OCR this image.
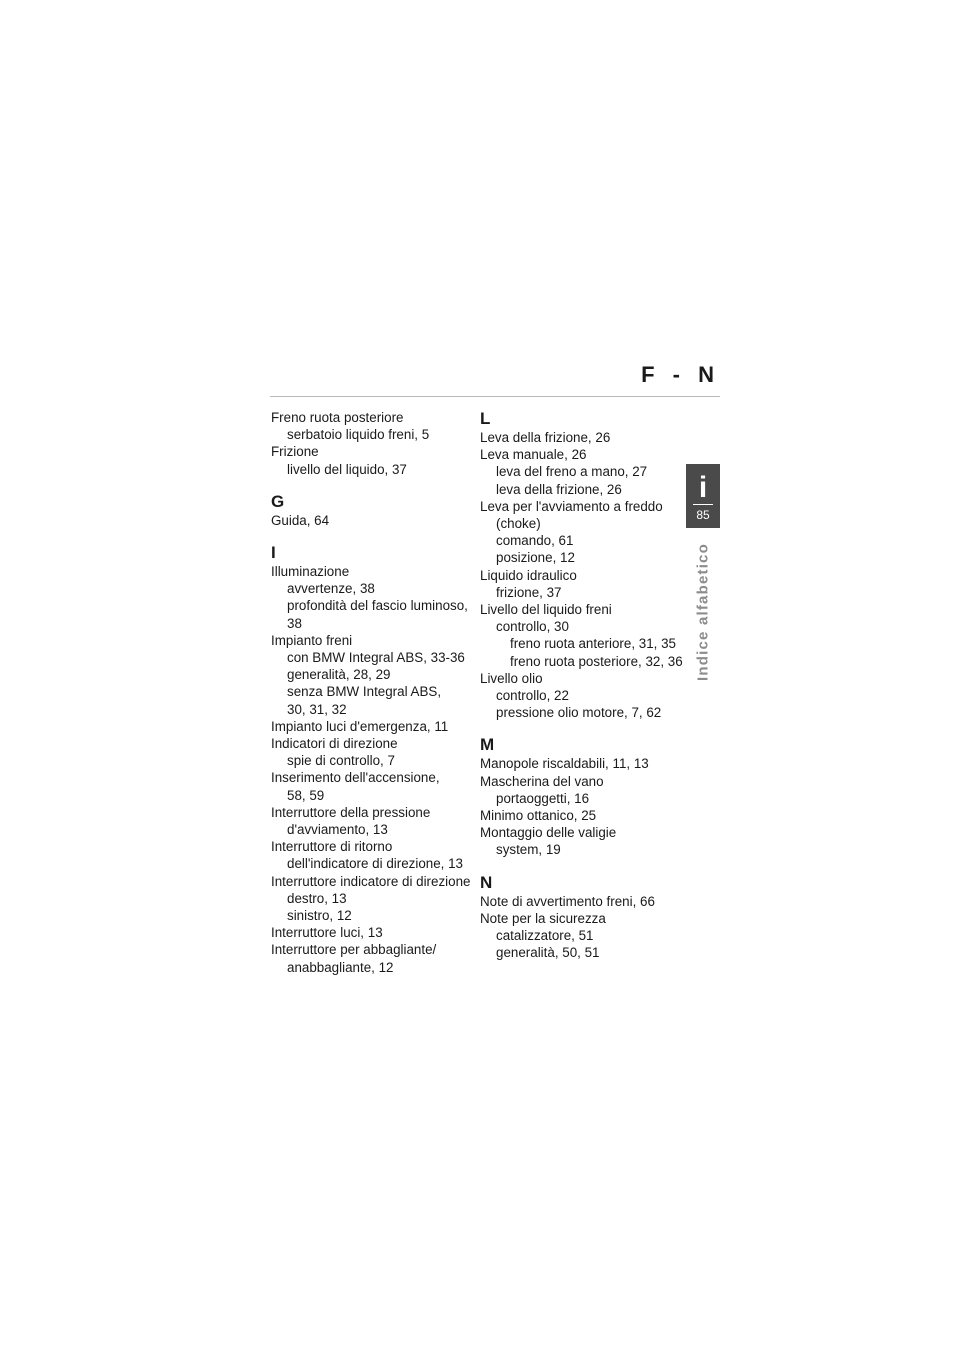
F - N
i
85
Indice alfabetico
Freno ruota posteriore
serbatoio liquido freni, 5
Frizione
livello del liquido, 37
G
Guida, 64
I
Illuminazione
avvertenze, 38
profondità del fascio luminoso,
38
Impianto freni
con BMW Integral ABS, 33-36
generalità, 28, 29
senza BMW Integral ABS,
30, 31, 32
Impianto luci d'emergenza, 11
Indicatori di direzione
spie di controllo, 7
Inserimento dell'accensione,
58, 59
Interruttore della pressione
d'avviamento, 13
Interruttore di ritorno
dell'indicatore di direzione, 13
Interruttore indicatore di direzione
destro, 13
sinistro, 12
Interruttore luci, 13
Interruttore per abbagliante/
anabbagliante, 12
L
Leva della frizione, 26
Leva manuale, 26
leva del freno a mano, 27
leva della frizione, 26
Leva per l'avviamento a freddo
(choke)
comando, 61
posizione, 12
Liquido idraulico
frizione, 37
Livello del liquido freni
controllo, 30
freno ruota anteriore, 31, 35
freno ruota posteriore, 32, 36
Livello olio
controllo, 22
pressione olio motore, 7, 62
M
Manopole riscaldabili, 11, 13
Mascherina del vano
portaoggetti, 16
Minimo ottanico, 25
Montaggio delle valigie
system, 19
N
Note di avvertimento freni, 66
Note per la sicurezza
catalizzatore, 51
generalità, 50, 51
